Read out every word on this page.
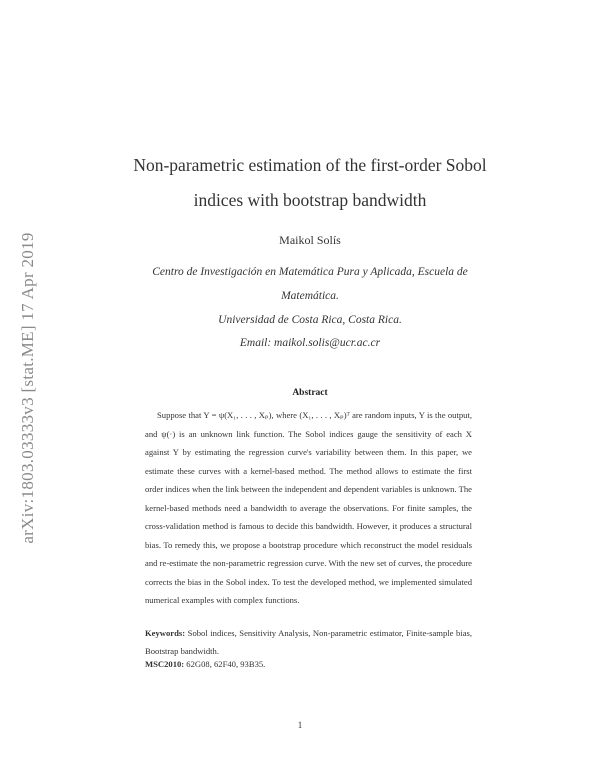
arXiv:1803.03333v3 [stat.ME] 17 Apr 2019
Non-parametric estimation of the first-order Sobol
indices with bootstrap bandwidth
Maikol Solís
Centro de Investigación en Matemática Pura y Aplicada, Escuela de
Matemática.
Universidad de Costa Rica, Costa Rica.
Email: maikol.solis@ucr.ac.cr
Abstract
Suppose that Y = ψ(X₁, . . . , Xₚ), where (X₁, . . . , Xₚ)ᵀ are random inputs, Y is the output, and ψ(·) is an unknown link function. The Sobol indices gauge the sensitivity of each X against Y by estimating the regression curve's variability between them. In this paper, we estimate these curves with a kernel-based method. The method allows to estimate the first order indices when the link between the independent and dependent variables is unknown. The kernel-based methods need a bandwidth to average the observations. For finite samples, the cross-validation method is famous to decide this bandwidth. However, it produces a structural bias. To remedy this, we propose a bootstrap procedure which reconstruct the model residuals and re-estimate the non-parametric regression curve. With the new set of curves, the procedure corrects the bias in the Sobol index. To test the developed method, we implemented simulated numerical examples with complex functions.
Keywords: Sobol indices, Sensitivity Analysis, Non-parametric estimator, Finite-sample bias, Bootstrap bandwidth.
MSC2010: 62G08, 62F40, 93B35.
1
